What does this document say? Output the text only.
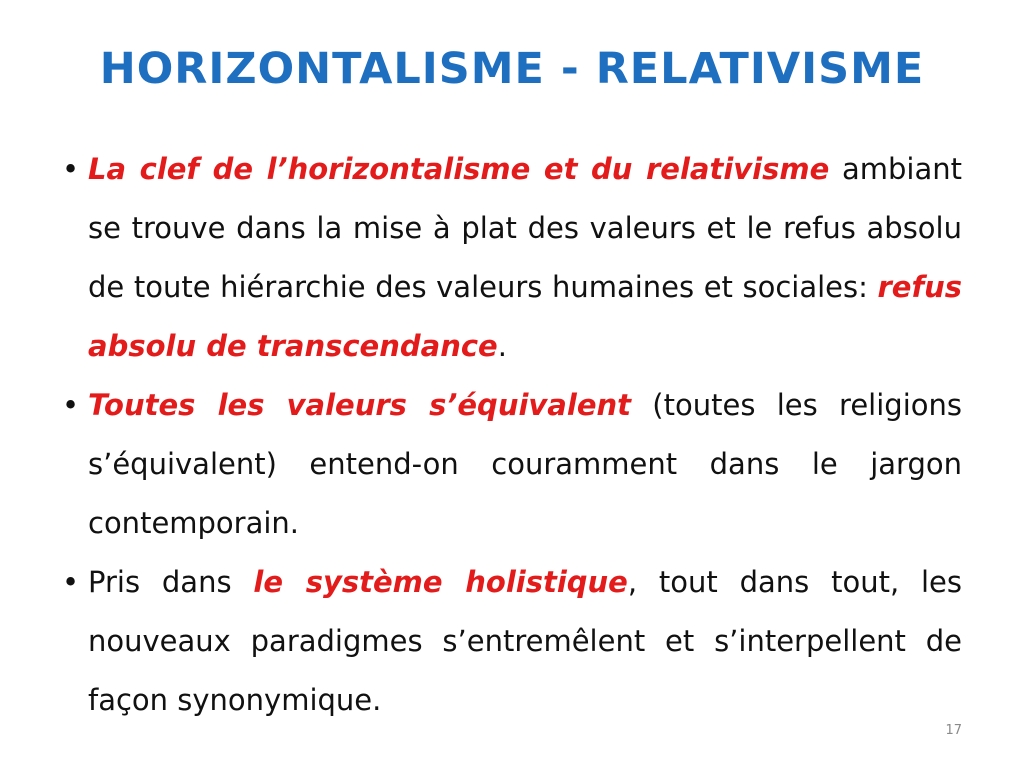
HORIZONTALISME - RELATIVISME
• La clef de l’horizontalisme et du relativisme ambiant se trouve dans la mise à plat des valeurs et le refus absolu de toute hiérarchie des valeurs humaines et sociales: refus absolu de transcendance.
• Toutes les valeurs s’équivalent (toutes les religions s’équivalent) entend-on couramment dans le jargon contemporain.
• Pris dans le système holistique, tout dans tout, les nouveaux paradigmes s’entremêlent et s’interpellent de façon synonymique.
17
